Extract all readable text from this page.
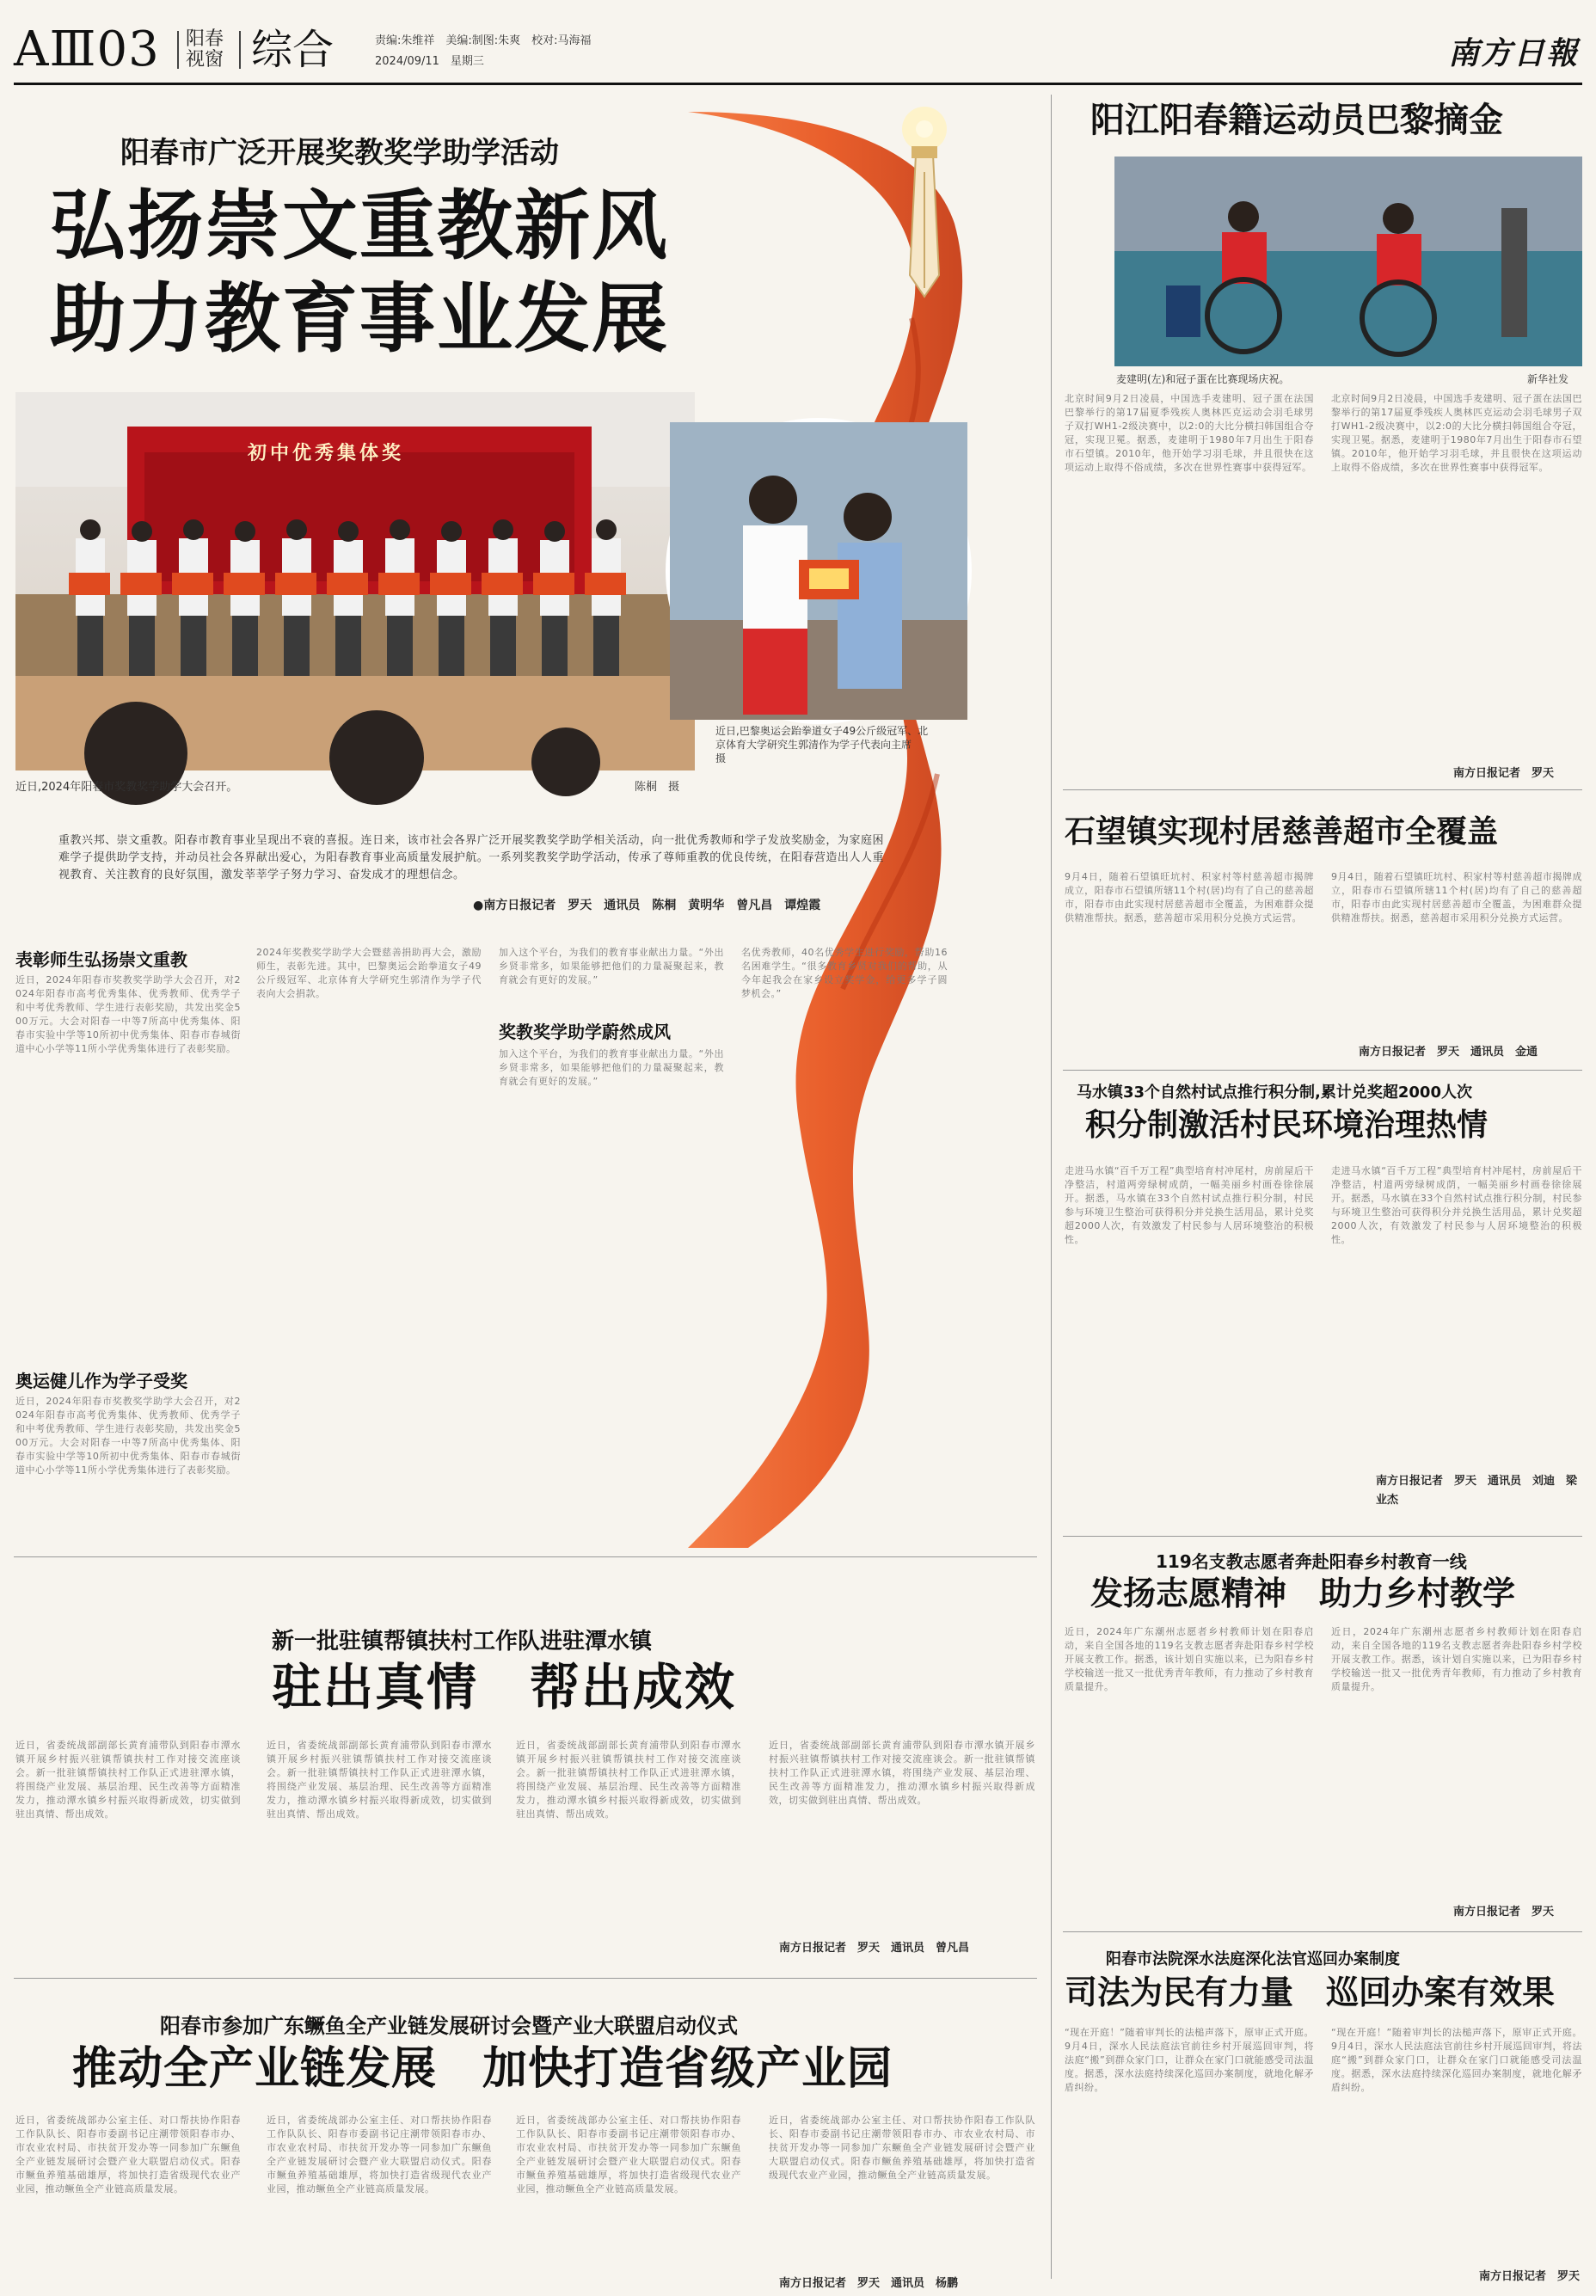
AⅢ03 阳春视窗 综合	责编:朱维祥　美编:制图:朱爽　校对:马海福
2024/09/11　星期三	南方日報
阳春市广泛开展奖教奖学助学活动
弘扬崇文重教新风
助力教育事业发展
初中优秀集体奖
近日,2024年阳春市奖教奖学助学大会召开。	陈桐　摄
近日,巴黎奥运会跆拳道女子49公斤级冠军、北京体育大学研究生郭清作为学子代表向主席　摄
重教兴邦、崇文重教。阳春市教育事业呈现出不衰的喜报。连日来，该市社会各界广泛开展奖教奖学助学相关活动，向一批优秀教师和学子发放奖励金，为家庭困难学子提供助学支持，并动员社会各界献出爱心，为阳春教育事业高质量发展护航。一系列奖教奖学助学活动，传承了尊师重教的优良传统，在阳春营造出人人重视教育、关注教育的良好氛围，激发莘莘学子努力学习、奋发成才的理想信念。
●南方日报记者　罗天　通讯员　陈桐　黄明华　曾凡昌　谭煌霞
表彰师生弘扬崇文重教
近日，2024年阳春市奖教奖学助学大会召开，对2024年阳春市高考优秀集体、优秀教师、优秀学子和中考优秀教师、学生进行表彰奖励，共发出奖金500万元。大会对阳春一中等7所高中优秀集体、阳春市实验中学等10所初中优秀集体、阳春市春城街道中心小学等11所小学优秀集体进行了表彰奖励。
奥运健儿作为学子受奖
近日，2024年阳春市奖教奖学助学大会召开，对2024年阳春市高考优秀集体、优秀教师、优秀学子和中考优秀教师、学生进行表彰奖励，共发出奖金500万元。大会对阳春一中等7所高中优秀集体、阳春市实验中学等10所初中优秀集体、阳春市春城街道中心小学等11所小学优秀集体进行了表彰奖励。
2024年奖教奖学助学大会暨慈善捐助再大会，激励师生，表彰先进。其中，巴黎奥运会跆拳道女子49公斤级冠军、北京体育大学研究生郭清作为学子代表向大会捐款。
加入这个平台，为我们的教育事业献出力量。“外出乡贤非常多，如果能够把他们的力量凝聚起来，教育就会有更好的发展。”
奖教奖学助学蔚然成风
加入这个平台，为我们的教育事业献出力量。“外出乡贤非常多，如果能够把他们的力量凝聚起来，教育就会有更好的发展。”
名优秀教师，40名优秀学生进行奖励，帮助16名困难学生。“很多教育乡贤对我们的帮助，从今年起我会在家乡设立奖学金，给更多学子圆梦机会。”
阳江阳春籍运动员巴黎摘金
麦建明(左)和冠子蛋在比赛现场庆祝。	新华社发
北京时间9月2日凌晨，中国选手麦建明、冠子蛋在法国巴黎举行的第17届夏季残疾人奥林匹克运动会羽毛球男子双打WH1-2级决赛中，以2:0的大比分横扫韩国组合夺冠，实现卫冕。据悉，麦建明于1980年7月出生于阳春市石望镇。2010年，他开始学习羽毛球，并且很快在这项运动上取得不俗成绩，多次在世界性赛事中获得冠军。
北京时间9月2日凌晨，中国选手麦建明、冠子蛋在法国巴黎举行的第17届夏季残疾人奥林匹克运动会羽毛球男子双打WH1-2级决赛中，以2:0的大比分横扫韩国组合夺冠，实现卫冕。据悉，麦建明于1980年7月出生于阳春市石望镇。2010年，他开始学习羽毛球，并且很快在这项运动上取得不俗成绩，多次在世界性赛事中获得冠军。
南方日报记者　罗天
石望镇实现村居慈善超市全覆盖
9月4日，随着石望镇旺坑村、积家村等村慈善超市揭牌成立，阳春市石望镇所辖11个村(居)均有了自己的慈善超市，阳春市由此实现村居慈善超市全覆盖，为困难群众提供精准帮扶。据悉，慈善超市采用积分兑换方式运营。
9月4日，随着石望镇旺坑村、积家村等村慈善超市揭牌成立，阳春市石望镇所辖11个村(居)均有了自己的慈善超市，阳春市由此实现村居慈善超市全覆盖，为困难群众提供精准帮扶。据悉，慈善超市采用积分兑换方式运营。
南方日报记者　罗天　通讯员　金通
马水镇33个自然村试点推行积分制,累计兑奖超2000人次
积分制激活村民环境治理热情
走进马水镇“百千万工程”典型培育村冲尾村，房前屋后干净整洁，村道两旁绿树成荫，一幅美丽乡村画卷徐徐展开。据悉，马水镇在33个自然村试点推行积分制，村民参与环境卫生整治可获得积分并兑换生活用品，累计兑奖超2000人次，有效激发了村民参与人居环境整治的积极性。
走进马水镇“百千万工程”典型培育村冲尾村，房前屋后干净整洁，村道两旁绿树成荫，一幅美丽乡村画卷徐徐展开。据悉，马水镇在33个自然村试点推行积分制，村民参与环境卫生整治可获得积分并兑换生活用品，累计兑奖超2000人次，有效激发了村民参与人居环境整治的积极性。
南方日报记者　罗天　通讯员　刘迪　梁业杰
119名支教志愿者奔赴阳春乡村教育一线
发扬志愿精神　助力乡村教学
近日，2024年广东潮州志愿者乡村教师计划在阳春启动，来自全国各地的119名支教志愿者奔赴阳春乡村学校开展支教工作。据悉，该计划自实施以来，已为阳春乡村学校输送一批又一批优秀青年教师，有力推动了乡村教育质量提升。
近日，2024年广东潮州志愿者乡村教师计划在阳春启动，来自全国各地的119名支教志愿者奔赴阳春乡村学校开展支教工作。据悉，该计划自实施以来，已为阳春乡村学校输送一批又一批优秀青年教师，有力推动了乡村教育质量提升。
南方日报记者　罗天
阳春市法院深水法庭深化法官巡回办案制度
司法为民有力量　巡回办案有效果
“现在开庭！”随着审判长的法槌声落下，原审正式开庭。9月4日，深水人民法庭法官前往乡村开展巡回审判，将法庭“搬”到群众家门口，让群众在家门口就能感受司法温度。据悉，深水法庭持续深化巡回办案制度，就地化解矛盾纠纷。
“现在开庭！”随着审判长的法槌声落下，原审正式开庭。9月4日，深水人民法庭法官前往乡村开展巡回审判，将法庭“搬”到群众家门口，让群众在家门口就能感受司法温度。据悉，深水法庭持续深化巡回办案制度，就地化解矛盾纠纷。
南方日报记者　罗天
新一批驻镇帮镇扶村工作队进驻潭水镇
驻出真情　帮出成效
近日，省委统战部副部长黄育浦带队到阳春市潭水镇开展乡村振兴驻镇帮镇扶村工作对接交流座谈会。新一批驻镇帮镇扶村工作队正式进驻潭水镇，将围绕产业发展、基层治理、民生改善等方面精准发力，推动潭水镇乡村振兴取得新成效，切实做到驻出真情、帮出成效。
近日，省委统战部副部长黄育浦带队到阳春市潭水镇开展乡村振兴驻镇帮镇扶村工作对接交流座谈会。新一批驻镇帮镇扶村工作队正式进驻潭水镇，将围绕产业发展、基层治理、民生改善等方面精准发力，推动潭水镇乡村振兴取得新成效，切实做到驻出真情、帮出成效。
近日，省委统战部副部长黄育浦带队到阳春市潭水镇开展乡村振兴驻镇帮镇扶村工作对接交流座谈会。新一批驻镇帮镇扶村工作队正式进驻潭水镇，将围绕产业发展、基层治理、民生改善等方面精准发力，推动潭水镇乡村振兴取得新成效，切实做到驻出真情、帮出成效。
近日，省委统战部副部长黄育浦带队到阳春市潭水镇开展乡村振兴驻镇帮镇扶村工作对接交流座谈会。新一批驻镇帮镇扶村工作队正式进驻潭水镇，将围绕产业发展、基层治理、民生改善等方面精准发力，推动潭水镇乡村振兴取得新成效，切实做到驻出真情、帮出成效。
南方日报记者　罗天　通讯员　曾凡昌
阳春市参加广东鳜鱼全产业链发展研讨会暨产业大联盟启动仪式
推动全产业链发展　加快打造省级产业园
近日，省委统战部办公室主任、对口帮扶协作阳春工作队队长、阳春市委副书记庄潮带领阳春市办、市农业农村局、市扶贫开发办等一同参加广东鳜鱼全产业链发展研讨会暨产业大联盟启动仪式。阳春市鳜鱼养殖基础雄厚，将加快打造省级现代农业产业园，推动鳜鱼全产业链高质量发展。
近日，省委统战部办公室主任、对口帮扶协作阳春工作队队长、阳春市委副书记庄潮带领阳春市办、市农业农村局、市扶贫开发办等一同参加广东鳜鱼全产业链发展研讨会暨产业大联盟启动仪式。阳春市鳜鱼养殖基础雄厚，将加快打造省级现代农业产业园，推动鳜鱼全产业链高质量发展。
近日，省委统战部办公室主任、对口帮扶协作阳春工作队队长、阳春市委副书记庄潮带领阳春市办、市农业农村局、市扶贫开发办等一同参加广东鳜鱼全产业链发展研讨会暨产业大联盟启动仪式。阳春市鳜鱼养殖基础雄厚，将加快打造省级现代农业产业园，推动鳜鱼全产业链高质量发展。
近日，省委统战部办公室主任、对口帮扶协作阳春工作队队长、阳春市委副书记庄潮带领阳春市办、市农业农村局、市扶贫开发办等一同参加广东鳜鱼全产业链发展研讨会暨产业大联盟启动仪式。阳春市鳜鱼养殖基础雄厚，将加快打造省级现代农业产业园，推动鳜鱼全产业链高质量发展。
南方日报记者　罗天　通讯员　杨鹏
